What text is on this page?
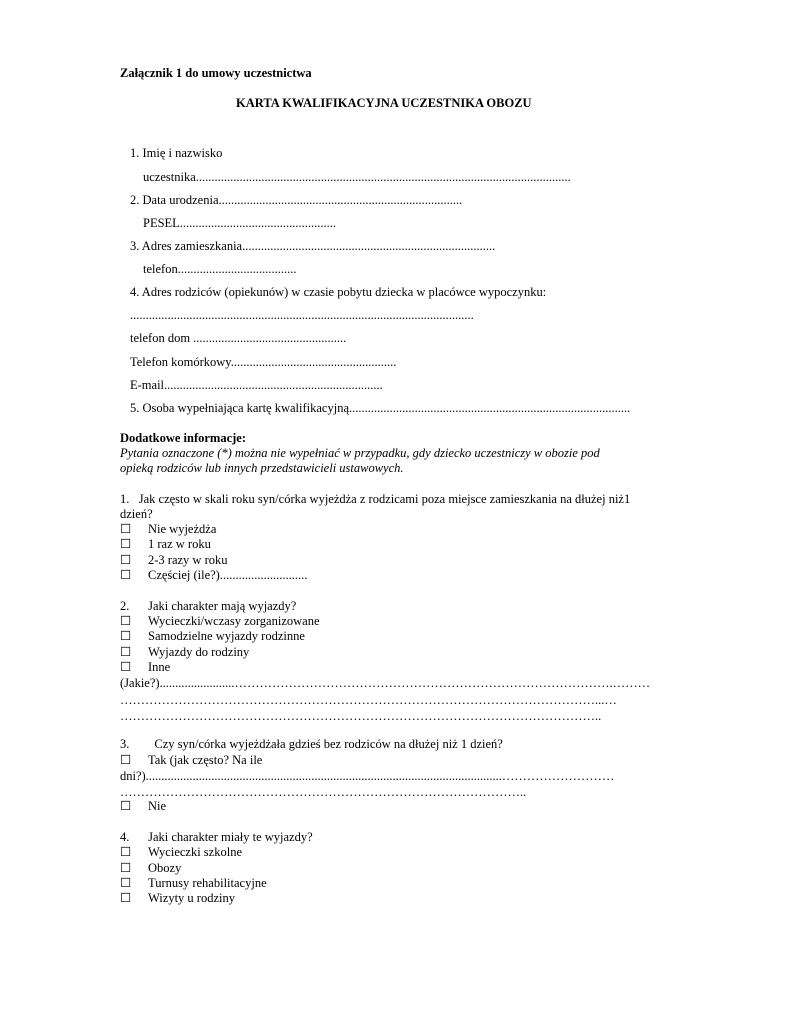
Załącznik 1 do umowy uczestnictwa
KARTA KWALIFIKACYJNA UCZESTNIKA OBOZU
1. Imię i nazwisko
uczestnika........................................................................................................................
2. Data urodzenia..............................................................................
PESEL..................................................
3. Adres zamieszkania.................................................................................
telefon......................................
4. Adres rodziców (opiekunów) w czasie pobytu dziecka w placówce wypoczynku:
..............................................................................................................
telefon dom .................................................
Telefon komórkowy.....................................................
E-mail......................................................................
5. Osoba wypełniająca kartę kwalifikacyjną..........................................................................................
Dodatkowe informacje:
Pytania oznaczone (*) można nie wypełniać w przypadku, gdy dziecko uczestniczy w obozie pod
opieką rodziców lub innych przedstawicieli ustawowych.
1.   Jak często w skali roku syn/córka wyjeżdża z rodzicami poza miejsce zamieszkania na dłużej niż1
dzień?
☐ Nie wyjeżdża
☐ 1 raz w roku
☐ 2-3 razy w roku
☐ Częściej (ile?)............................
2.      Jaki charakter mają wyjazdy?
☐ Wycieczki/wczasy zorganizowane
☐ Samodzielne wyjazdy rodzinne
☐ Wyjazdy do rodziny
☐ Inne
(Jakie?)........................……………………………………………………………………………….………
……………………………………………………………………………………………………...…
……………………………………………………………………………………………………..
3.        Czy syn/córka wyjeżdżała gdzieś bez rodziców na dłużej niż 1 dzień?
☐ Tak (jak często? Na ile
dni?)..................................................................................................................………………………
……………………………………………………………………………………..
☐ Nie
4.      Jaki charakter miały te wyjazdy?
☐ Wycieczki szkolne
☐ Obozy
☐ Turnusy rehabilitacyjne
☐ Wizyty u rodziny
